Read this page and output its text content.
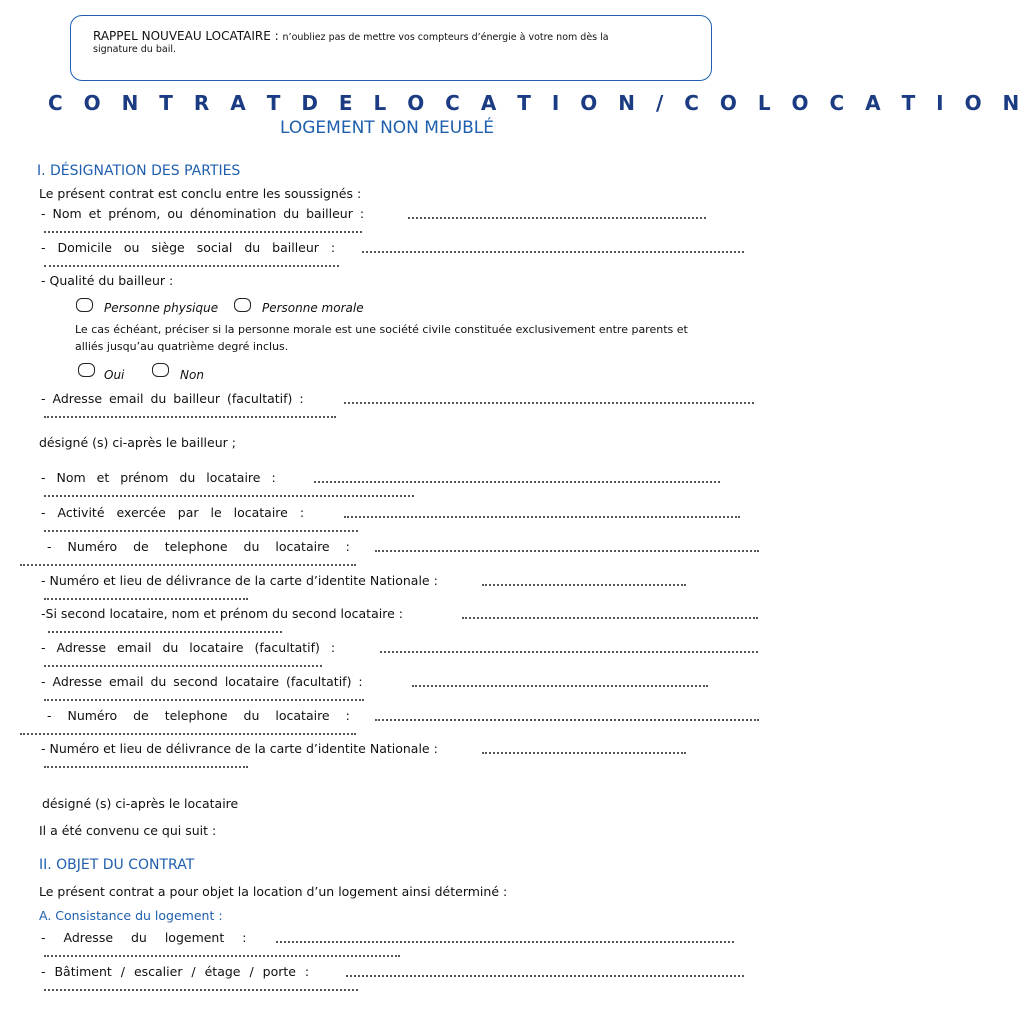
RAPPEL NOUVEAU LOCATAIRE : n’oubliez pas de mettre vos compteurs d’énergie à votre nom dès la
signature du bail.
C O N T R A T D E L O C A T I O N / C O L O C A T I O N
LOGEMENT NON MEUBLÉ
I. DÉSIGNATION DES PARTIES
Le présent contrat est conclu entre les soussignés :
- Nom et prénom, ou dénomination du bailleur :
- Domicile ou siège social du bailleur :
- Qualité du bailleur :
Personne physique	Personne morale
Le cas échéant, préciser si la personne morale est une société civile constituée exclusivement entre parents et
alliés jusqu’au quatrième degré inclus.
Oui	Non
- Adresse email du bailleur (facultatif) :
désigné (s) ci-après le bailleur ;
- Nom et prénom du locataire :
- Activité exercée par le locataire :
- Numéro de telephone du locataire :
- Numéro et lieu de délivrance de la carte d’identite Nationale :
-Si second locataire, nom et prénom du second locataire :
- Adresse email du locataire (facultatif) :
- Adresse email du second locataire (facultatif) :
- Numéro de telephone du locataire :
- Numéro et lieu de délivrance de la carte d’identite Nationale :
désigné (s) ci-après le locataire
Il a été convenu ce qui suit :
II. OBJET DU CONTRAT
Le présent contrat a pour objet la location d’un logement ainsi déterminé :
A. Consistance du logement :
- Adresse du logement :
- Bâtiment / escalier / étage / porte :
